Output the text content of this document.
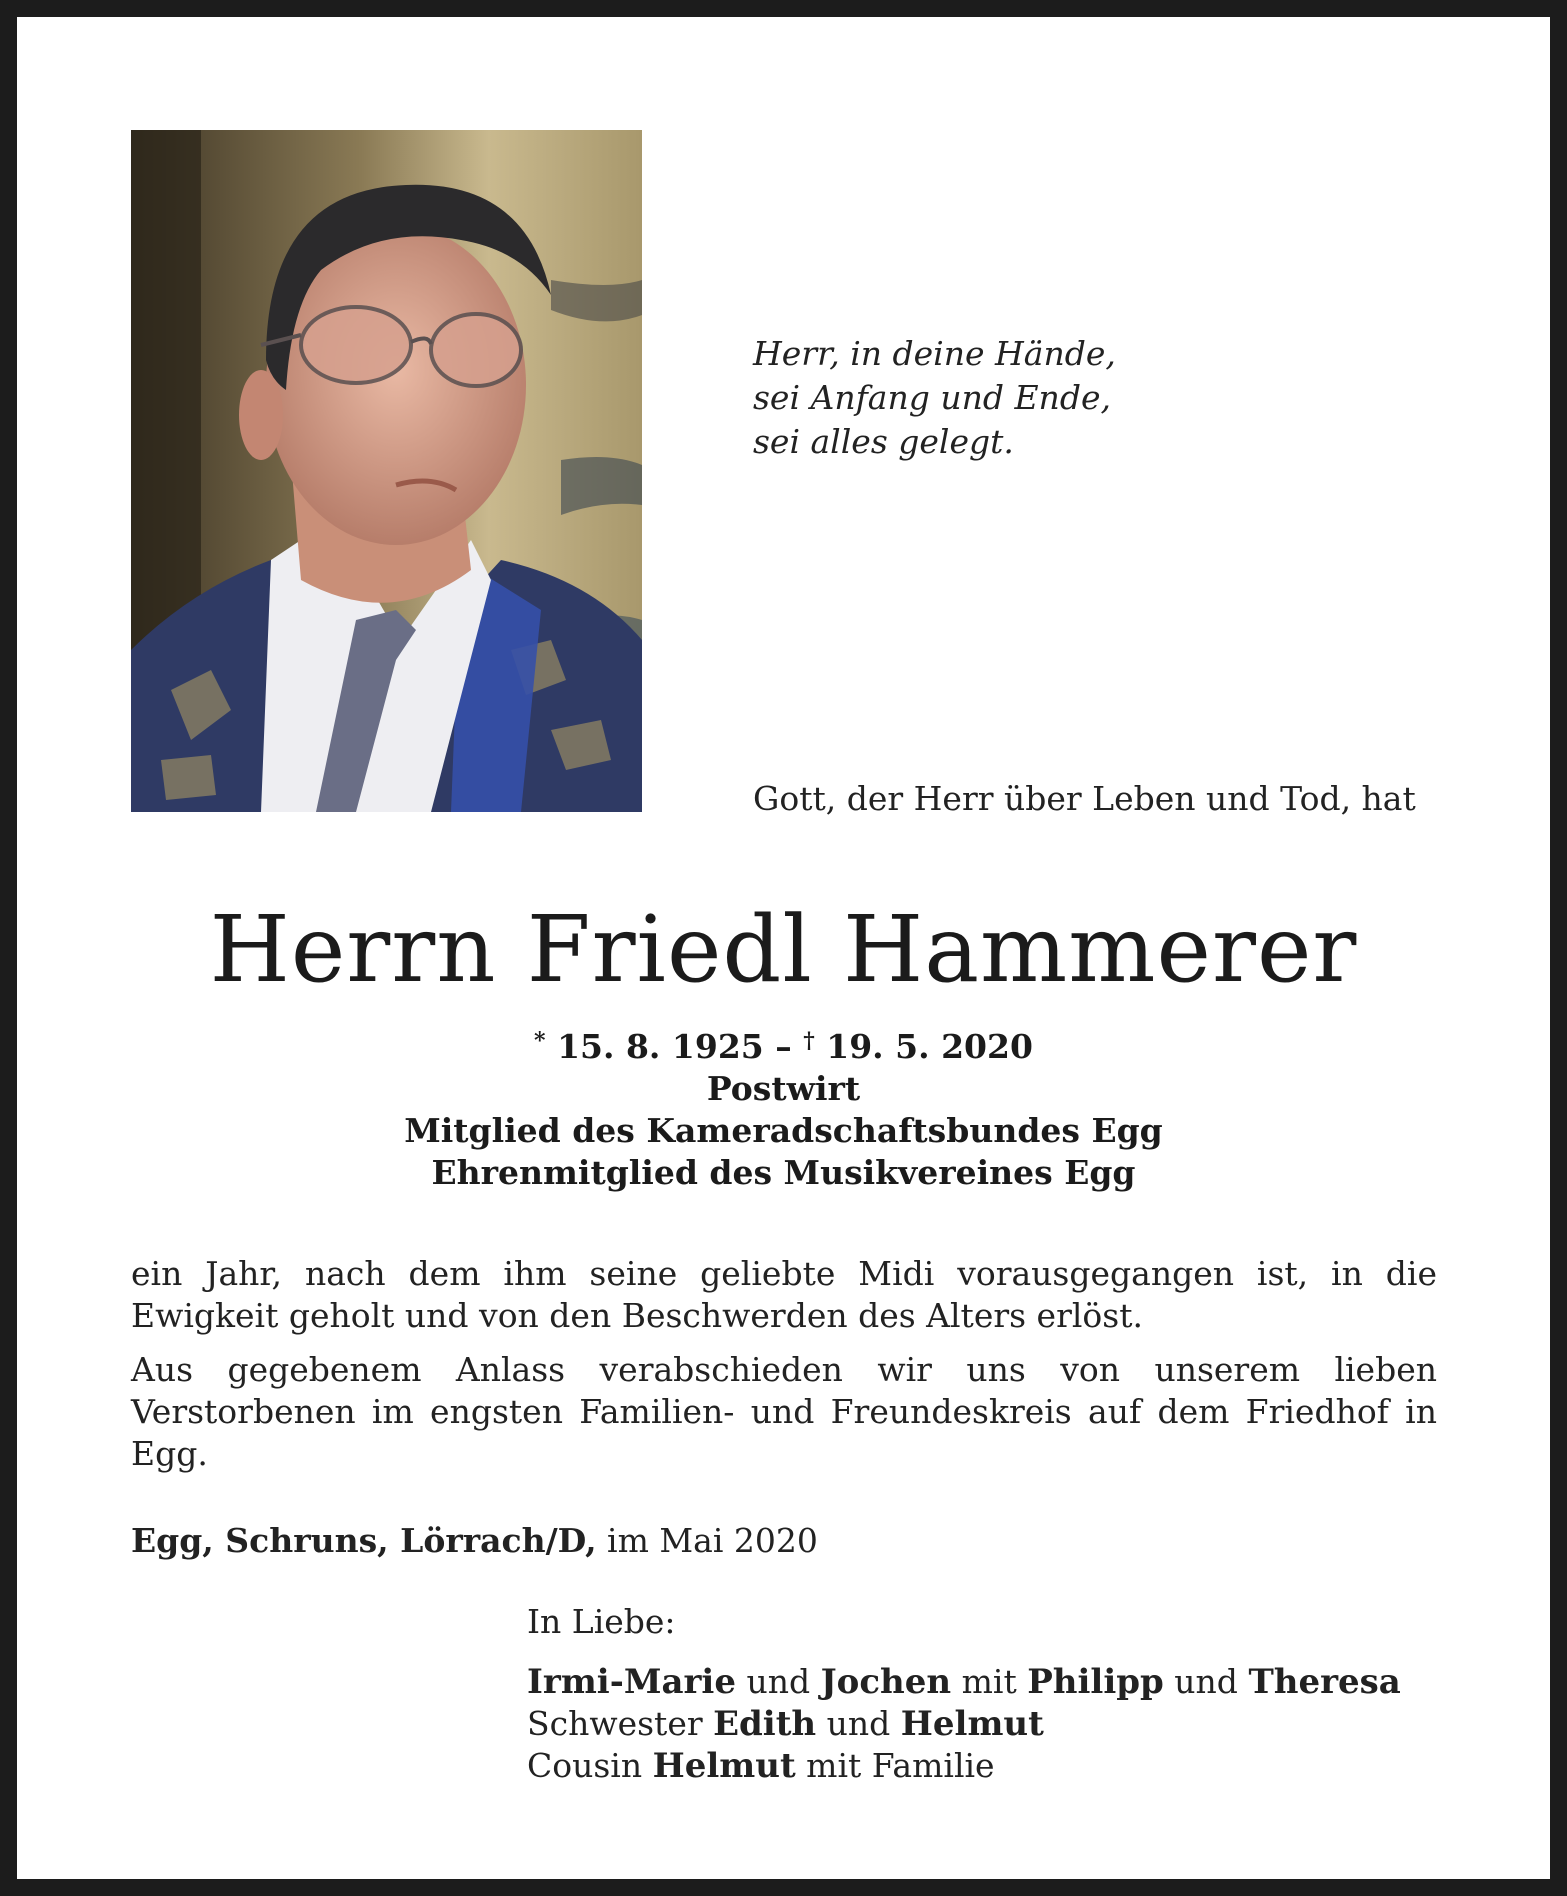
Herr, in deine Hände,
sei Anfang und Ende,
sei alles gelegt.
Gott, der Herr über Leben und Tod, hat
Herrn Friedl Hammerer
* 15. 8. 1925 – † 19. 5. 2020
Postwirt
Mitglied des Kameradschaftsbundes Egg
Ehrenmitglied des Musikvereines Egg

ein Jahr, nach dem ihm seine geliebte Midi vorausgegangen ist, in die Ewigkeit geholt und von den Beschwerden des Alters erlöst.

Aus gegebenem Anlass verabschieden wir uns von unserem lieben Verstorbenen im engsten Familien- und Freundeskreis auf dem Friedhof in Egg.

Egg, Schruns, Lörrach/D, im Mai 2020
In Liebe:
Irmi-Marie und Jochen mit Philipp und Theresa
Schwester Edith und Helmut
Cousin Helmut mit Familie
